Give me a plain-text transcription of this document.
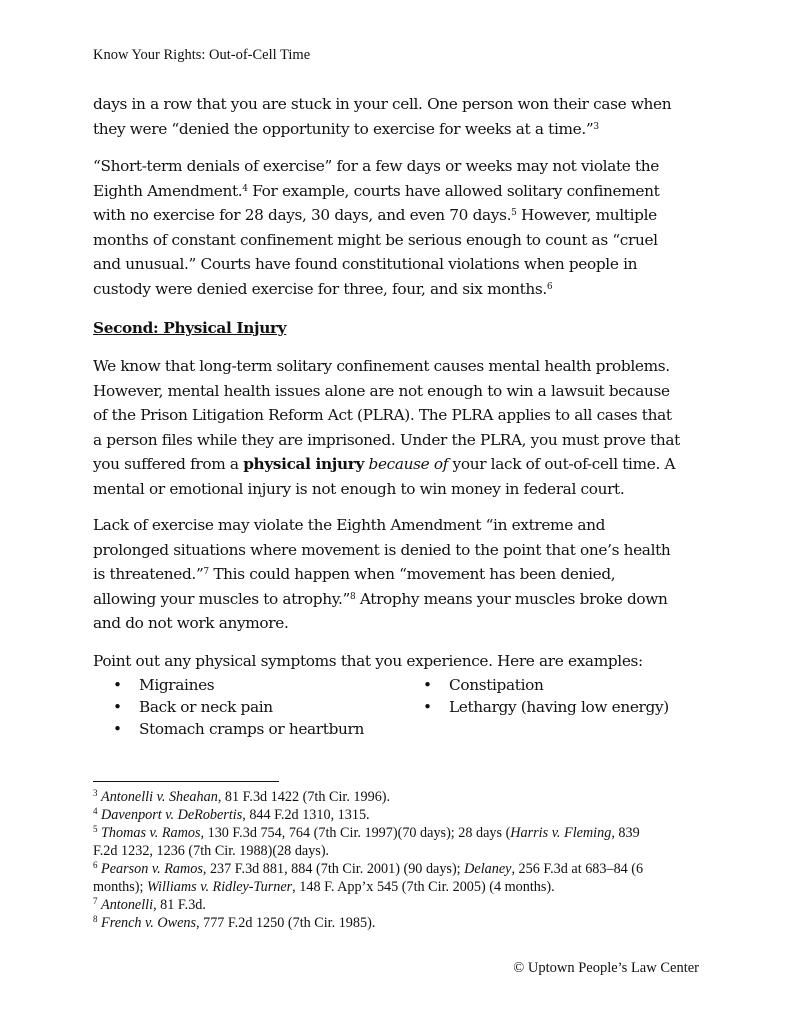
Know Your Rights: Out-of-Cell Time
days in a row that you are stuck in your cell. One person won their case when
they were “denied the opportunity to exercise for weeks at a time.”$^3$
“Short-term denials of exercise” for a few days or weeks may not violate the
Eighth Amendment.$^4$ For example, courts have allowed solitary confinement
with no exercise for 28 days, 30 days, and even 70 days.$^5$ However, multiple
months of constant confinement might be serious enough to count as “cruel
and unusual.” Courts have found constitutional violations when people in
custody were denied exercise for three, four, and six months.$^6$
Second: Physical Injury
We know that long-term solitary confinement causes mental health problems.
However, mental health issues alone are not enough to win a lawsuit because
of the Prison Litigation Reform Act (PLRA). The PLRA applies to all cases that
a person files while they are imprisoned. Under the PLRA, you must prove that
you suffered from a physical injury because of your lack of out-of-cell time. A
mental or emotional injury is not enough to win money in federal court.
Lack of exercise may violate the Eighth Amendment “in extreme and
prolonged situations where movement is denied to the point that one’s health
is threatened.”$^7$ This could happen when “movement has been denied,
allowing your muscles to atrophy.”$^8$ Atrophy means your muscles broke down
and do not work anymore.
Point out any physical symptoms that you experience. Here are examples:
• Migraines
• Back or neck pain
• Stomach cramps or heartburn
• Constipation
• Lethargy (having low energy)
$^3$ Antonelli v. Sheahan, 81 F.3d 1422 (7th Cir. 1996).
$^4$ Davenport v. DeRobertis, 844 F.2d 1310, 1315.
$^5$ Thomas v. Ramos, 130 F.3d 754, 764 (7th Cir. 1997)(70 days); 28 days (Harris v. Fleming, 839
F.2d 1232, 1236 (7th Cir. 1988)(28 days).
$^6$ Pearson v. Ramos, 237 F.3d 881, 884 (7th Cir. 2001) (90 days); Delaney, 256 F.3d at 683–84 (6
months); Williams v. Ridley-Turner, 148 F. App’x 545 (7th Cir. 2005) (4 months).
$^7$ Antonelli, 81 F.3d.
$^8$ French v. Owens, 777 F.2d 1250 (7th Cir. 1985).
© Uptown People’s Law Center
